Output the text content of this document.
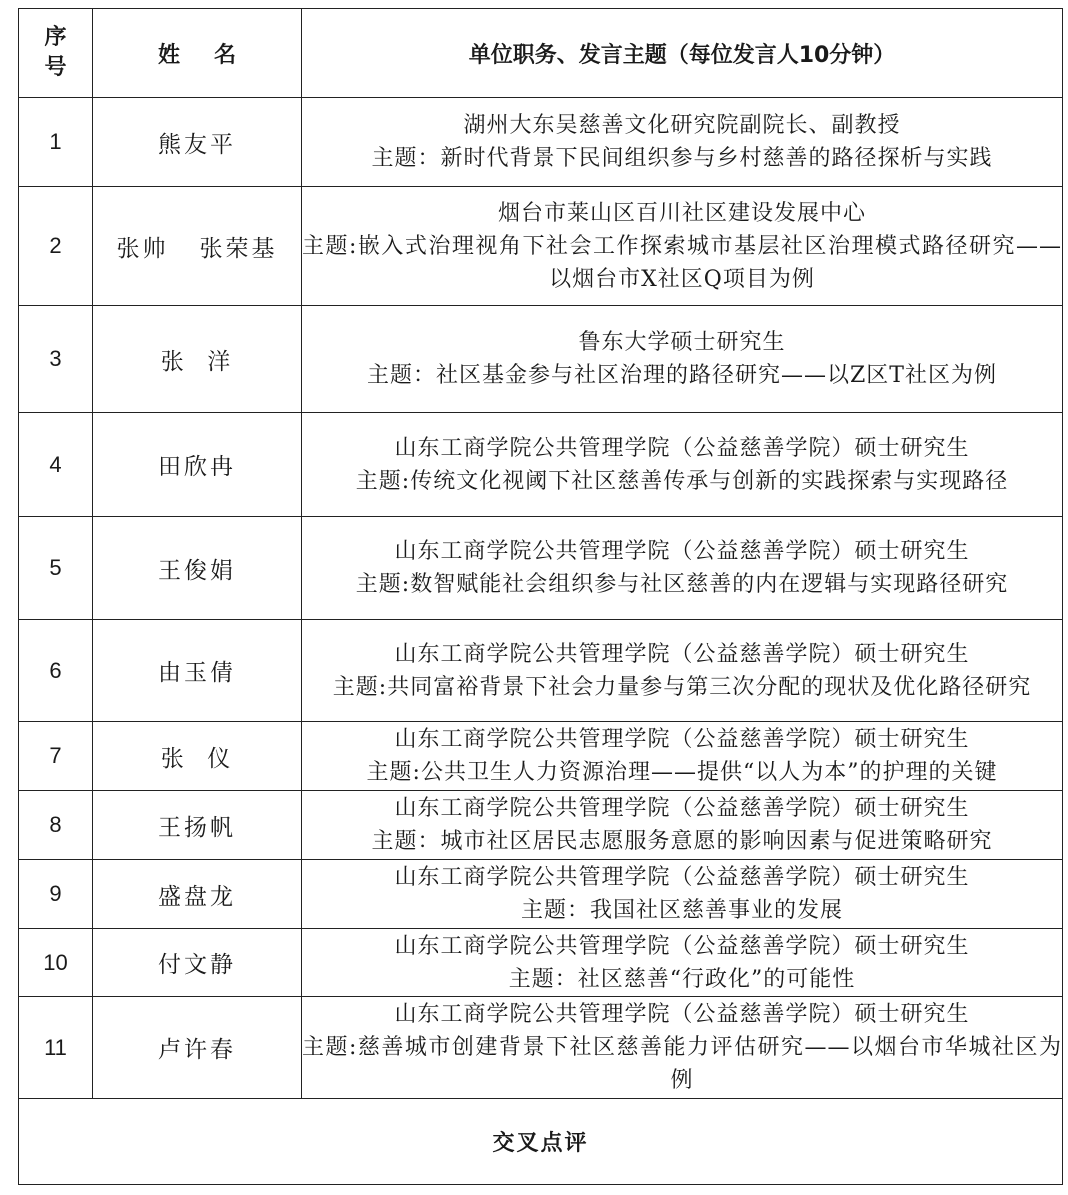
序
号	姓 名	单位职务、发言主题（每位发言人10分钟）
1	熊友平	湖州大东吴慈善文化研究院副院长、副教授
主题：新时代背景下民间组织参与乡村慈善的路径探析与实践

2	张帅   张荣基	烟台市莱山区百川社区建设发展中心
主题:嵌入式治理视角下社会工作探索城市基层社区治理模式路径研究——以烟台市X社区Q项目为例

3	张  洋	鲁东大学硕士研究生
主题：社区基金参与社区治理的路径研究——以Z区T社区为例

4	田欣冉	山东工商学院公共管理学院（公益慈善学院）硕士研究生
主题:传统文化视阈下社区慈善传承与创新的实践探索与实现路径

5	王俊娟	山东工商学院公共管理学院（公益慈善学院）硕士研究生
主题:数智赋能社会组织参与社区慈善的内在逻辑与实现路径研究

6	由玉倩	山东工商学院公共管理学院（公益慈善学院）硕士研究生
主题:共同富裕背景下社会力量参与第三次分配的现状及优化路径研究

7	张  仪	山东工商学院公共管理学院（公益慈善学院）硕士研究生
主题:公共卫生人力资源治理——提供“以人为本”的护理的关键

8	王扬帆	山东工商学院公共管理学院（公益慈善学院）硕士研究生
主题：城市社区居民志愿服务意愿的影响因素与促进策略研究

9	盛盘龙	山东工商学院公共管理学院（公益慈善学院）硕士研究生
主题：我国社区慈善事业的发展

10	付文静	山东工商学院公共管理学院（公益慈善学院）硕士研究生
主题：社区慈善“行政化”的可能性

11	卢许春	山东工商学院公共管理学院（公益慈善学院）硕士研究生
主题:慈善城市创建背景下社区慈善能力评估研究——以烟台市华城社区为例

交叉点评		
